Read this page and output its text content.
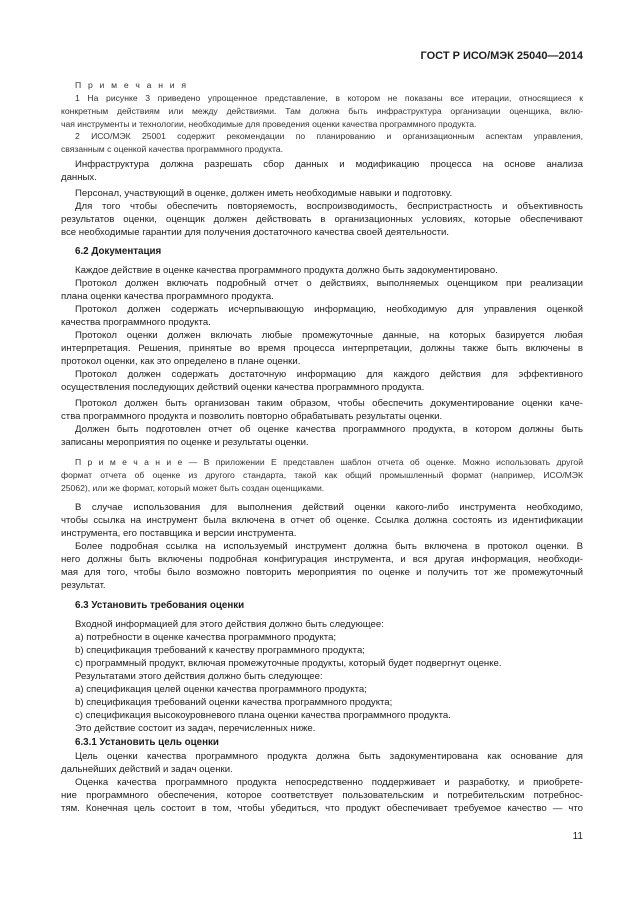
ГОСТ Р ИСО/МЭК 25040—2014
П р и м е ч а н и я
1 На рисунке 3 приведено упрощенное представление, в котором не показаны все итерации, относящиеся к
конкретным действиям или между действиями. Там должна быть инфраструктура организации оценщика, вклю-
чая инструменты и технологии, необходимые для проведения оценки качества программного продукта.
2 ИСО/МЭК 25001 содержит рекомендации по планированию и организационным аспектам управления,
связанным с оценкой качества программного продукта.
Инфраструктура должна разрешать сбор данных и модификацию процесса на основе анализа
данных.
Персонал, участвующий в оценке, должен иметь необходимые навыки и подготовку.
Для того чтобы обеспечить повторяемость, воспроизводимость, беспристрастность и объективность
результатов оценки, оценщик должен действовать в организационных условиях, которые обеспечивают
все необходимые гарантии для получения достаточного качества своей деятельности.
6.2 Документация
Каждое действие в оценке качества программного продукта должно быть задокументировано.
Протокол должен включать подробный отчет о действиях, выполняемых оценщиком при реализации
плана оценки качества программного продукта.
Протокол должен содержать исчерпывающую информацию, необходимую для управления оценкой
качества программного продукта.
Протокол оценки должен включать любые промежуточные данные, на которых базируется любая
интерпретация. Решения, принятые во время процесса интерпретации, должны также быть включены в
протокол оценки, как это определено в плане оценки.
Протокол должен содержать достаточную информацию для каждого действия для эффективного
осуществления последующих действий оценки качества программного продукта.
Протокол должен быть организован таким образом, чтобы обеспечить документирование оценки каче-
ства программного продукта и позволить повторно обрабатывать результаты оценки.
Должен быть подготовлен отчет об оценке качества программного продукта, в котором должны быть
записаны мероприятия по оценке и результаты оценки.
П р и м е ч а н и е — В приложении Е представлен шаблон отчета об оценке. Можно использовать другой
формат отчета об оценке из другого стандарта, такой как общий промышленный формат (например, ИСО/МЭК
25062), или же формат, который может быть создан оценщиками.
В случае использования для выполнения действий оценки какого-либо инструмента необходимо,
чтобы ссылка на инструмент была включена в отчет об оценке. Ссылка должна состоять из идентификации
инструмента, его поставщика и версии инструмента.
Более подробная ссылка на используемый инструмент должна быть включена в протокол оценки. В
него должны быть включены подробная конфигурация инструмента, и вся другая информация, необходи-
мая для того, чтобы было возможно повторить мероприятия по оценке и получить тот же промежуточный
результат.
6.3 Установить требования оценки
Входной информацией для этого действия должно быть следующее:
a) потребности в оценке качества программного продукта;
b) спецификация требований к качеству программного продукта;
c) программный продукт, включая промежуточные продукты, который будет подвергнут оценке.
Результатами этого действия должно быть следующее:
a) спецификация целей оценки качества программного продукта;
b) спецификация требований оценки качества программного продукта;
c) спецификация высокоуровневого плана оценки качества программного продукта.
Это действие состоит из задач, перечисленных ниже.
6.3.1 Установить цель оценки
Цель оценки качества программного продукта должна быть задокументирована как основание для
дальнейших действий и задач оценки.
Оценка качества программного продукта непосредственно поддерживает и разработку, и приобрете-
ние программного обеспечения, которое соответствует пользовательским и потребительским потребнос-
тям. Конечная цель состоит в том, чтобы убедиться, что продукт обеспечивает требуемое качество — что
11
